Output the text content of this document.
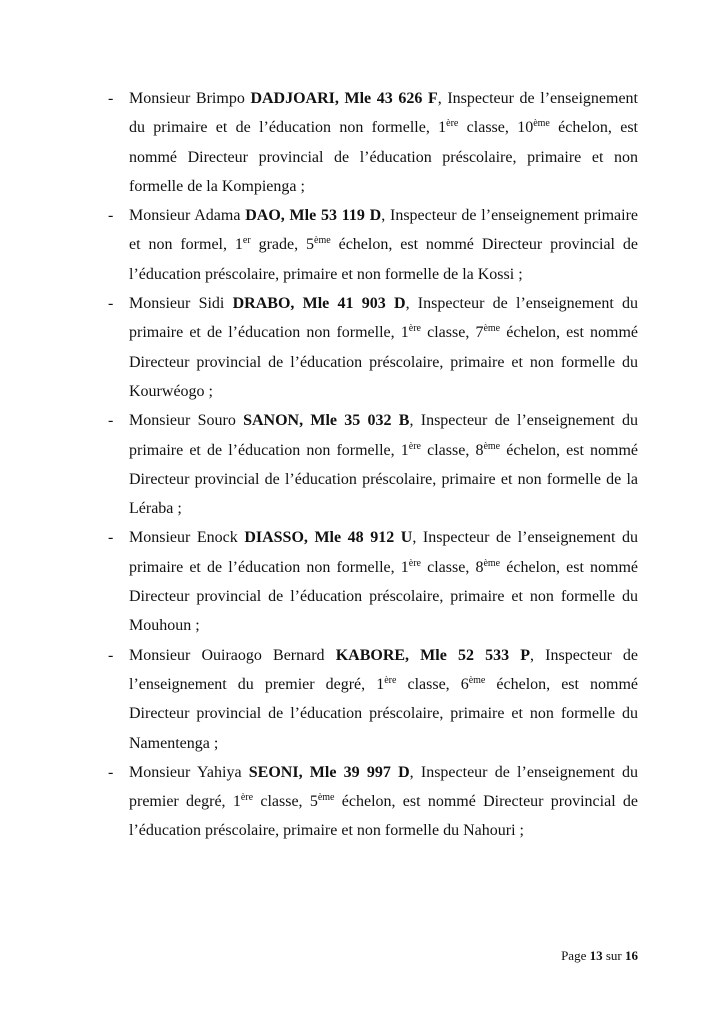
- Monsieur Brimpo DADJOARI, Mle 43 626 F, Inspecteur de l’enseignement du primaire et de l’éducation non formelle, 1ère classe, 10ème échelon, est nommé Directeur provincial de l’éducation préscolaire, primaire et non formelle de la Kompienga ;
- Monsieur Adama DAO, Mle 53 119 D, Inspecteur de l’enseignement primaire et non formel, 1er grade, 5ème échelon, est nommé Directeur provincial de l’éducation préscolaire, primaire et non formelle de la Kossi ;
- Monsieur Sidi DRABO, Mle 41 903 D, Inspecteur de l’enseignement du primaire et de l’éducation non formelle, 1ère classe, 7ème échelon, est nommé Directeur provincial de l’éducation préscolaire, primaire et non formelle du Kourwéogo ;
- Monsieur Souro SANON, Mle 35 032 B, Inspecteur de l’enseignement du primaire et de l’éducation non formelle, 1ère classe, 8ème échelon, est nommé Directeur provincial de l’éducation préscolaire, primaire et non formelle de la Léraba ;
- Monsieur Enock DIASSO, Mle 48 912 U, Inspecteur de l’enseignement du primaire et de l’éducation non formelle, 1ère classe, 8ème échelon, est nommé Directeur provincial de l’éducation préscolaire, primaire et non formelle du Mouhoun ;
- Monsieur Ouiraogo Bernard KABORE, Mle 52 533 P, Inspecteur de l’enseignement du premier degré, 1ère classe, 6ème échelon, est nommé Directeur provincial de l’éducation préscolaire, primaire et non formelle du Namentenga ;
- Monsieur Yahiya SEONI, Mle 39 997 D, Inspecteur de l’enseignement du premier degré, 1ère classe, 5ème échelon, est nommé Directeur provincial de l’éducation préscolaire, primaire et non formelle du Nahouri ;
Page 13 sur 16
